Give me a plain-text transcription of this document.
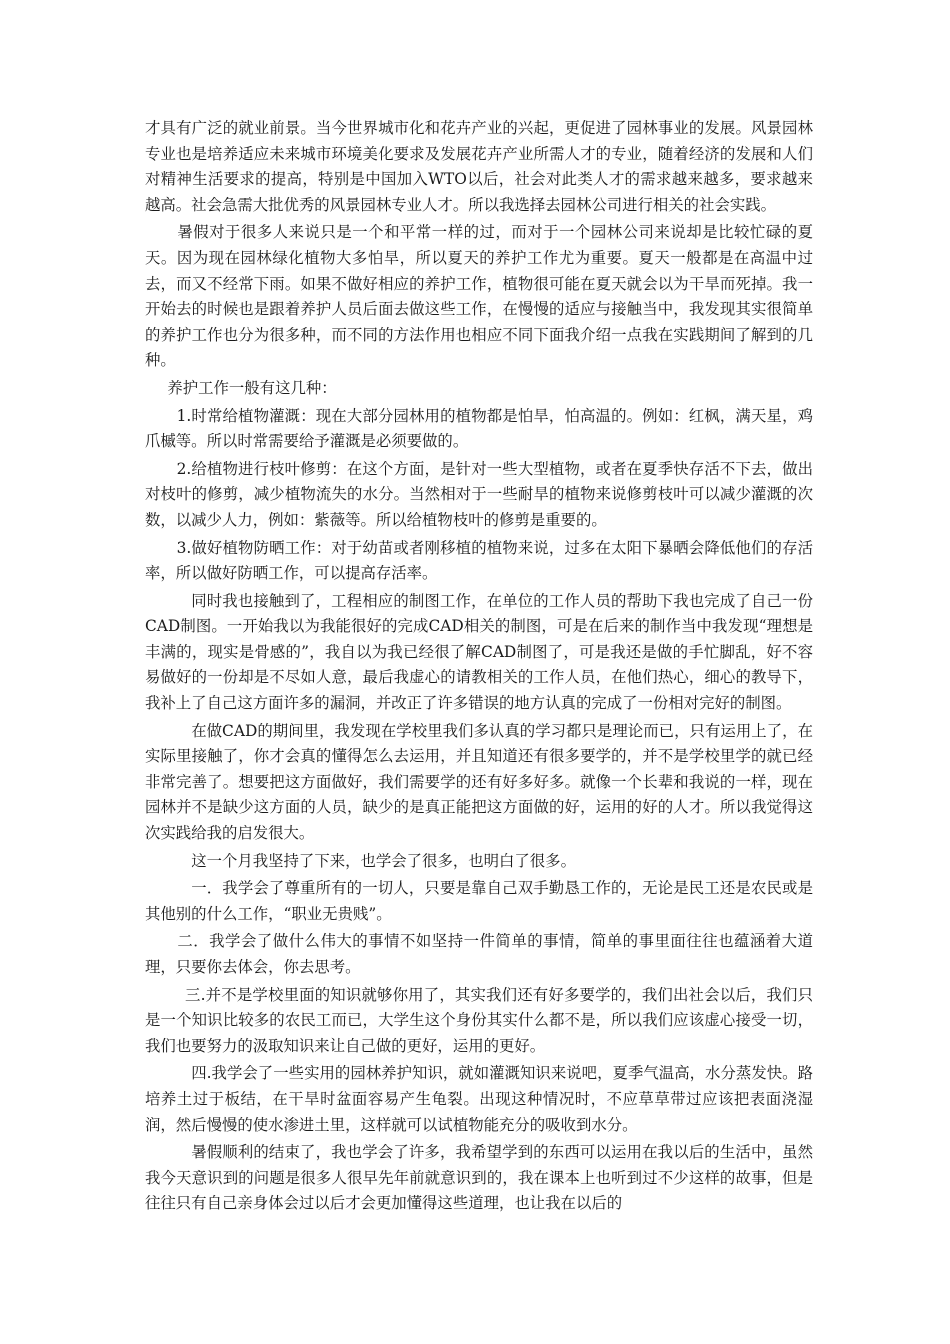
才具有广泛的就业前景。当今世界城市化和花卉产业的兴起，更促进了园林事业的发展。风景园林专业也是培养适应未来城市环境美化要求及发展花卉产业所需人才的专业，随着经济的发展和人们对精神生活要求的提高，特别是中国加入WTO以后，社会对此类人才的需求越来越多，要求越来越高。社会急需大批优秀的风景园林专业人才。所以我选择去园林公司进行相关的社会实践。

暑假对于很多人来说只是一个和平常一样的过，而对于一个园林公司来说却是比较忙碌的夏天。因为现在园林绿化植物大多怕旱，所以夏天的养护工作尤为重要。夏天一般都是在高温中过去，而又不经常下雨。如果不做好相应的养护工作，植物很可能在夏天就会以为干旱而死掉。我一开始去的时候也是跟着养护人员后面去做这些工作，在慢慢的适应与接触当中，我发现其实很简单的养护工作也分为很多种，而不同的方法作用也相应不同下面我介绍一点我在实践期间了解到的几种。

养护工作一般有这几种：

1.时常给植物灌溉：现在大部分园林用的植物都是怕旱，怕高温的。例如：红枫，满天星，鸡爪槭等。所以时常需要给予灌溉是必须要做的。

2.给植物进行枝叶修剪：在这个方面，是针对一些大型植物，或者在夏季快存活不下去，做出对枝叶的修剪，减少植物流失的水分。当然相对于一些耐旱的植物来说修剪枝叶可以减少灌溉的次数，以减少人力，例如：紫薇等。所以给植物枝叶的修剪是重要的。

3.做好植物防晒工作：对于幼苗或者刚移植的植物来说，过多在太阳下暴晒会降低他们的存活率，所以做好防晒工作，可以提高存活率。

同时我也接触到了，工程相应的制图工作，在单位的工作人员的帮助下我也完成了自己一份CAD制图。一开始我以为我能很好的完成CAD相关的制图，可是在后来的制作当中我发现“理想是丰满的，现实是骨感的”，我自以为我已经很了解CAD制图了，可是我还是做的手忙脚乱，好不容易做好的一份却是不尽如人意，最后我虚心的请教相关的工作人员，在他们热心，细心的教导下，我补上了自己这方面许多的漏洞，并改正了许多错误的地方认真的完成了一份相对完好的制图。

在做CAD的期间里，我发现在学校里我们多认真的学习都只是理论而已，只有运用上了，在实际里接触了，你才会真的懂得怎么去运用，并且知道还有很多要学的，并不是学校里学的就已经非常完善了。想要把这方面做好，我们需要学的还有好多好多。就像一个长辈和我说的一样，现在园林并不是缺少这方面的人员，缺少的是真正能把这方面做的好，运用的好的人才。所以我觉得这次实践给我的启发很大。

这一个月我坚持了下来，也学会了很多，也明白了很多。

一．我学会了尊重所有的一切人，只要是靠自己双手勤恳工作的，无论是民工还是农民或是其他别的什么工作，“职业无贵贱”。

二．我学会了做什么伟大的事情不如坚持一件简单的事情，简单的事里面往往也蕴涵着大道理，只要你去体会，你去思考。

三.并不是学校里面的知识就够你用了，其实我们还有好多要学的，我们出社会以后，我们只是一个知识比较多的农民工而已，大学生这个身份其实什么都不是，所以我们应该虚心接受一切，我们也要努力的汲取知识来让自己做的更好，运用的更好。

四.我学会了一些实用的园林养护知识，就如灌溉知识来说吧，夏季气温高，水分蒸发快。路培养土过于板结，在干旱时盆面容易产生龟裂。出现这种情况时，不应草草带过应该把表面浇湿润，然后慢慢的使水渗进土里，这样就可以试植物能充分的吸收到水分。

暑假顺利的结束了，我也学会了许多，我希望学到的东西可以运用在我以后的生活中，虽然我今天意识到的问题是很多人很早先年前就意识到的，我在课本上也听到过不少这样的故事，但是往往只有自己亲身体会过以后才会更加懂得这些道理，也让我在以后的
